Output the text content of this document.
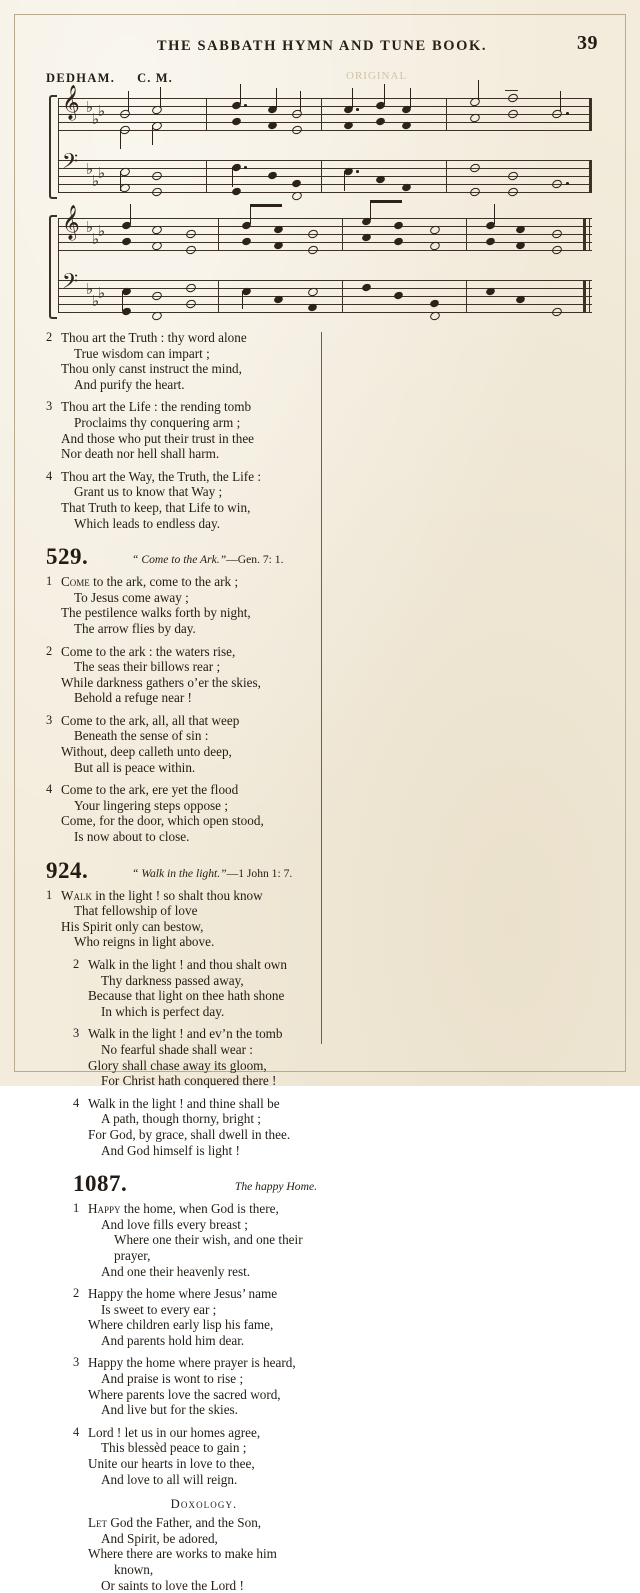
39
THE SABBATH HYMN AND TUNE BOOK.
ORIGINAL
DEDHAM. C. M.
𝄞
𝄢
♭
♭
♭
♭
♭
♭
𝄞
𝄢
♭
♭
♭
♭
♭
♭
2 Thou art the Truth : thy word alone
True wisdom can impart ;
Thou only canst instruct the mind,
And purify the heart.
3 Thou art the Life : the rending tomb
Proclaims thy conquering arm ;
And those who put their trust in thee
Nor death nor hell shall harm.
4 Thou art the Way, the Truth, the Life :
Grant us to know that Way ;
That Truth to keep, that Life to win,
Which leads to endless day.
529.	“ Come to the Ark.”—Gen. 7: 1.
1 Come to the ark, come to the ark ;
To Jesus come away ;
The pestilence walks forth by night,
The arrow flies by day.
2 Come to the ark : the waters rise,
The seas their billows rear ;
While darkness gathers o’er the skies,
Behold a refuge near !
3 Come to the ark, all, all that weep
Beneath the sense of sin :
Without, deep calleth unto deep,
But all is peace within.
4 Come to the ark, ere yet the flood
Your lingering steps oppose ;
Come, for the door, which open stood,
Is now about to close.
924.	“ Walk in the light.”—1 John 1: 7.
1 Walk in the light ! so shalt thou know
That fellowship of love
His Spirit only can bestow,
Who reigns in light above.

2 Walk in the light ! and thou shalt own
Thy darkness passed away,
Because that light on thee hath shone
In which is perfect day.
3 Walk in the light ! and ev’n the tomb
No fearful shade shall wear :
Glory shall chase away its gloom,
For Christ hath conquered there !
4 Walk in the light ! and thine shall be
A path, though thorny, bright ;
For God, by grace, shall dwell in thee.
And God himself is light !
1087.	The happy Home.
1 Happy the home, when God is there,
And love fills every breast ;
Where one their wish, and one their
prayer,
And one their heavenly rest.
2 Happy the home where Jesus’ name
Is sweet to every ear ;
Where children early lisp his fame,
And parents hold him dear.
3 Happy the home where prayer is heard,
And praise is wont to rise ;
Where parents love the sacred word,
And live but for the skies.
4 Lord ! let us in our homes agree,
This blessèd peace to gain ;
Unite our hearts in love to thee,
And love to all will reign.
Doxology.
Let God the Father, and the Son,
And Spirit, be adored,
Where there are works to make him
known,
Or saints to love the Lord !
